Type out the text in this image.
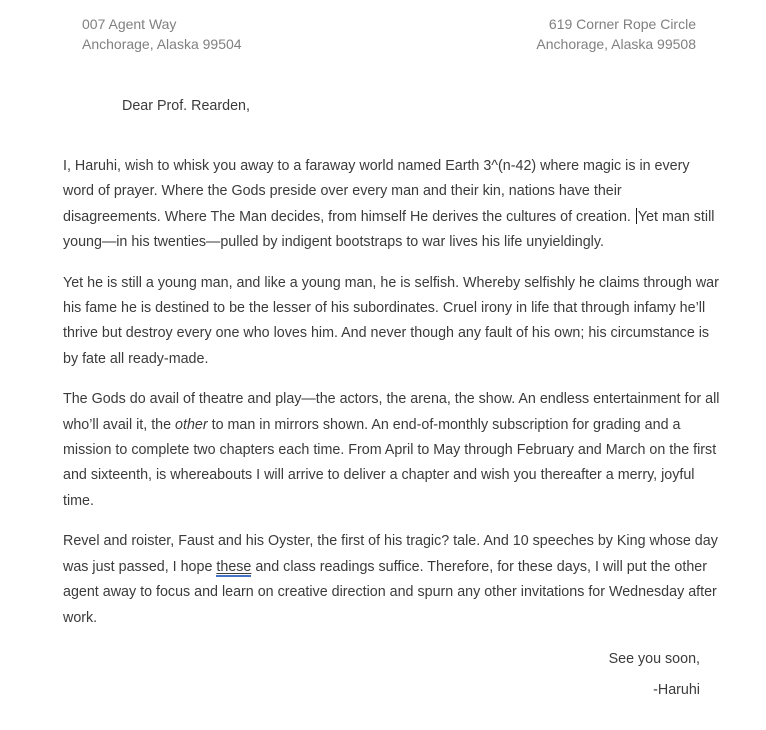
007 Agent Way
Anchorage, Alaska 99504
619 Corner Rope Circle
Anchorage, Alaska 99508
Dear Prof. Rearden,
I, Haruhi, wish to whisk you away to a faraway world named Earth 3^(n-42) where magic is in every
word of prayer. Where the Gods preside over every man and their kin, nations have their
disagreements. Where The Man decides, from himself He derives the cultures of creation. Yet man still
young—in his twenties—pulled by indigent bootstraps to war lives his life unyieldingly.
Yet he is still a young man, and like a young man, he is selfish. Whereby selfishly he claims through war
his fame he is destined to be the lesser of his subordinates. Cruel irony in life that through infamy he’ll
thrive but destroy every one who loves him. And never though any fault of his own; his circumstance is
by fate all ready-made.
The Gods do avail of theatre and play—the actors, the arena, the show. An endless entertainment for all
who’ll avail it, the other to man in mirrors shown. An end-of-monthly subscription for grading and a
mission to complete two chapters each time. From April to May through February and March on the first
and sixteenth, is whereabouts I will arrive to deliver a chapter and wish you thereafter a merry, joyful
time.
Revel and roister, Faust and his Oyster, the first of his tragic? tale. And 10 speeches by King whose day
was just passed, I hope these and class readings suffice. Therefore, for these days, I will put the other
agent away to focus and learn on creative direction and spurn any other invitations for Wednesday after
work.
See you soon,
-Haruhi
